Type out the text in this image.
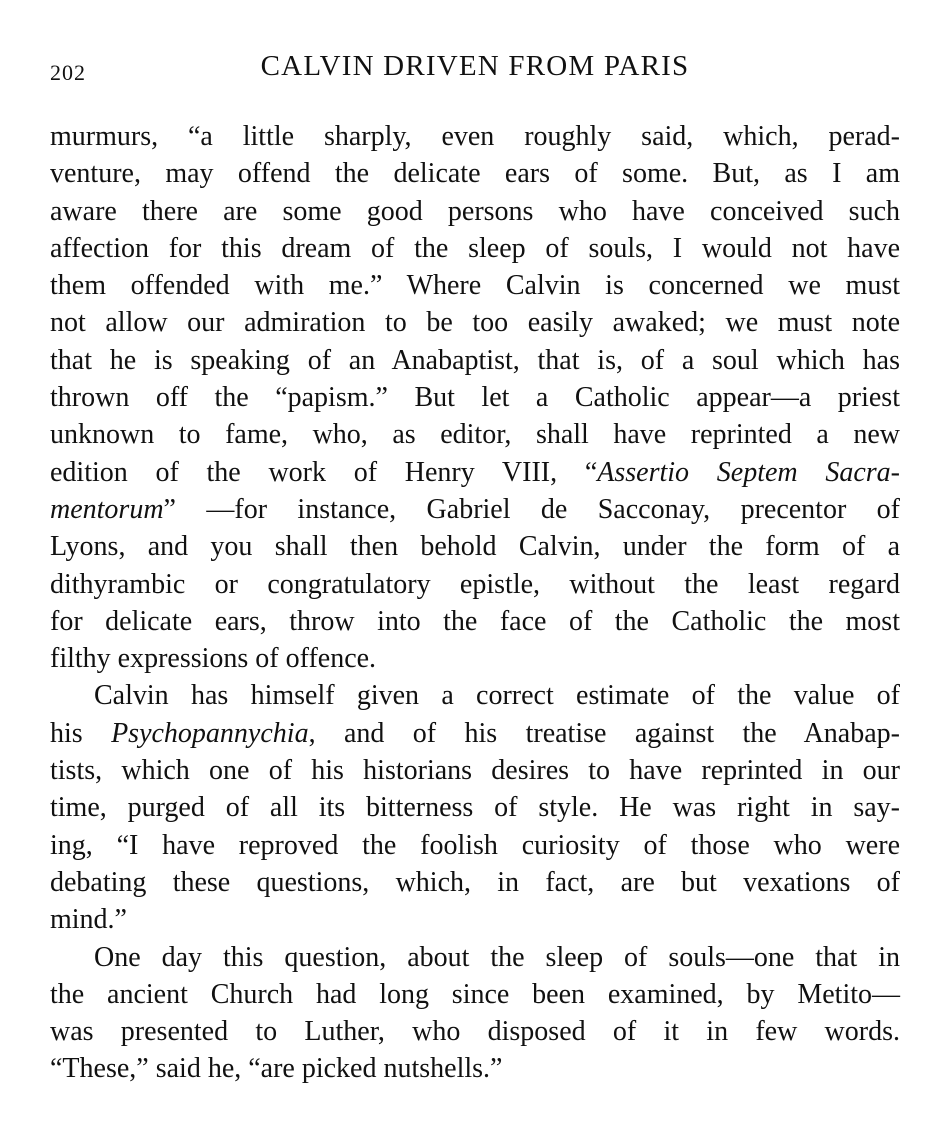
202	CALVIN DRIVEN FROM PARIS
murmurs, “a little sharply, even roughly said, which, perad-
venture, may offend the delicate ears of some. But, as I am
aware there are some good persons who have conceived such
affection for this dream of the sleep of souls, I would not have
them offended with me.” Where Calvin is concerned we must
not allow our admiration to be too easily awaked; we must note
that he is speaking of an Anabaptist, that is, of a soul which has
thrown off the “papism.” But let a Catholic appear—a priest
unknown to fame, who, as editor, shall have reprinted a new
edition of the work of Henry VIII, “Assertio Septem Sacra-
mentorum” —for instance, Gabriel de Sacconay, precentor of
Lyons, and you shall then behold Calvin, under the form of a
dithyrambic or congratulatory epistle, without the least regard
for delicate ears, throw into the face of the Catholic the most
filthy expressions of offence.
Calvin has himself given a correct estimate of the value of
his Psychopannychia, and of his treatise against the Anabap-
tists, which one of his historians desires to have reprinted in our
time, purged of all its bitterness of style. He was right in say-
ing, “I have reproved the foolish curiosity of those who were
debating these questions, which, in fact, are but vexations of
mind.”
One day this question, about the sleep of souls—one that in
the ancient Church had long since been examined, by Metito—
was presented to Luther, who disposed of it in few words.
“These,” said he, “are picked nutshells.”
